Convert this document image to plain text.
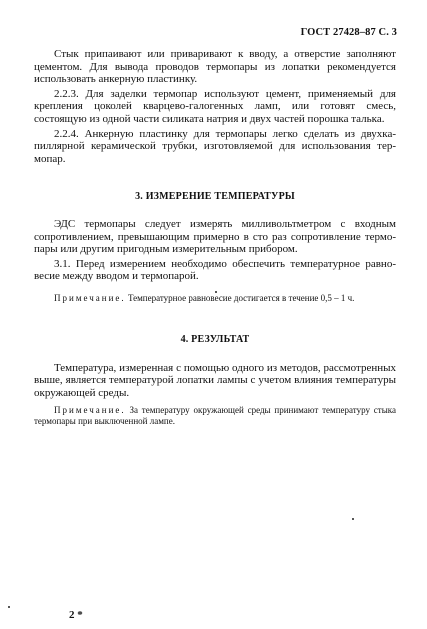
ГОСТ 27428–87 С. 3

Стык припаивают или приваривают к вводу, а отверстие заполняют цементом. Для вывода проводов термопары из лопатки рекомендуется использовать анкерную пластинку.

2.2.3. Для заделки термопар используют цемент, применяемый для крепления цоколей кварцево-галогенных ламп, или готовят смесь, состоящую из одной части силиката натрия и двух частей порошка талька.

2.2.4. Анкерную пластинку для термопары легко сделать из двухкапиллярной керамической трубки, изготовляемой для использования термопар.

3. ИЗМЕРЕНИЕ ТЕМПЕРАТУРЫ

ЭДС термопары следует измерять милливольтметром с входным сопротивлением, превышающим примерно в сто раз сопротивление термопары или другим пригодным измерительным прибором.

3.1. Перед измерением необходимо обеспечить температурное равновесие между вводом и термопарой.

Примечание. Температурное равновесие достигается в течение 0,5 – 1 ч.

4. РЕЗУЛЬТАТ

Температура, измеренная с помощью одного из методов, рассмотренных выше, является температурой лопатки лампы с учетом влияния температуры окружающей среды.

Примечание. За температуру окружающей среды принимают температуру стыка термопары при выключенной лампе.

2 *
